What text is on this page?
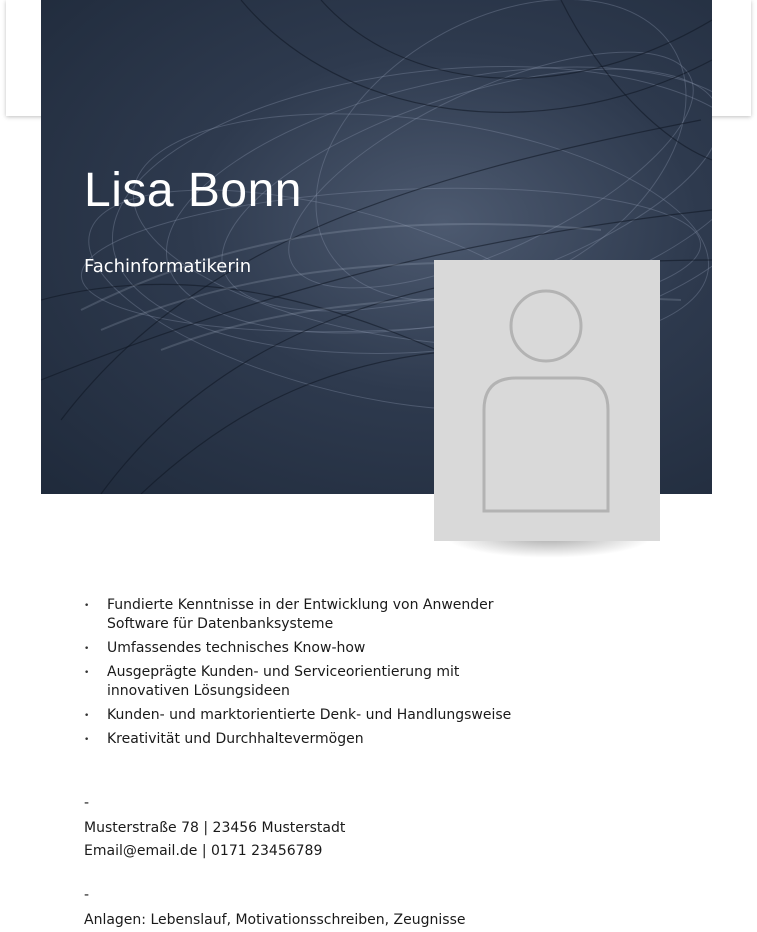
Lisa Bonn
Fachinformatikerin
• Fundierte Kenntnisse in der Entwicklung von Anwender Software für Datenbanksysteme
• Umfassendes technisches Know-how
• Ausgeprägte Kunden- und Serviceorientierung mit innovativen Lösungsideen
• Kunden- und marktorientierte Denk- und Handlungsweise
• Kreativität und Durchhaltevermögen
-
Musterstraße 78 | 23456 Musterstadt
Email@email.de | 0171 23456789
-
Anlagen: Lebenslauf, Motivationsschreiben, Zeugnisse
